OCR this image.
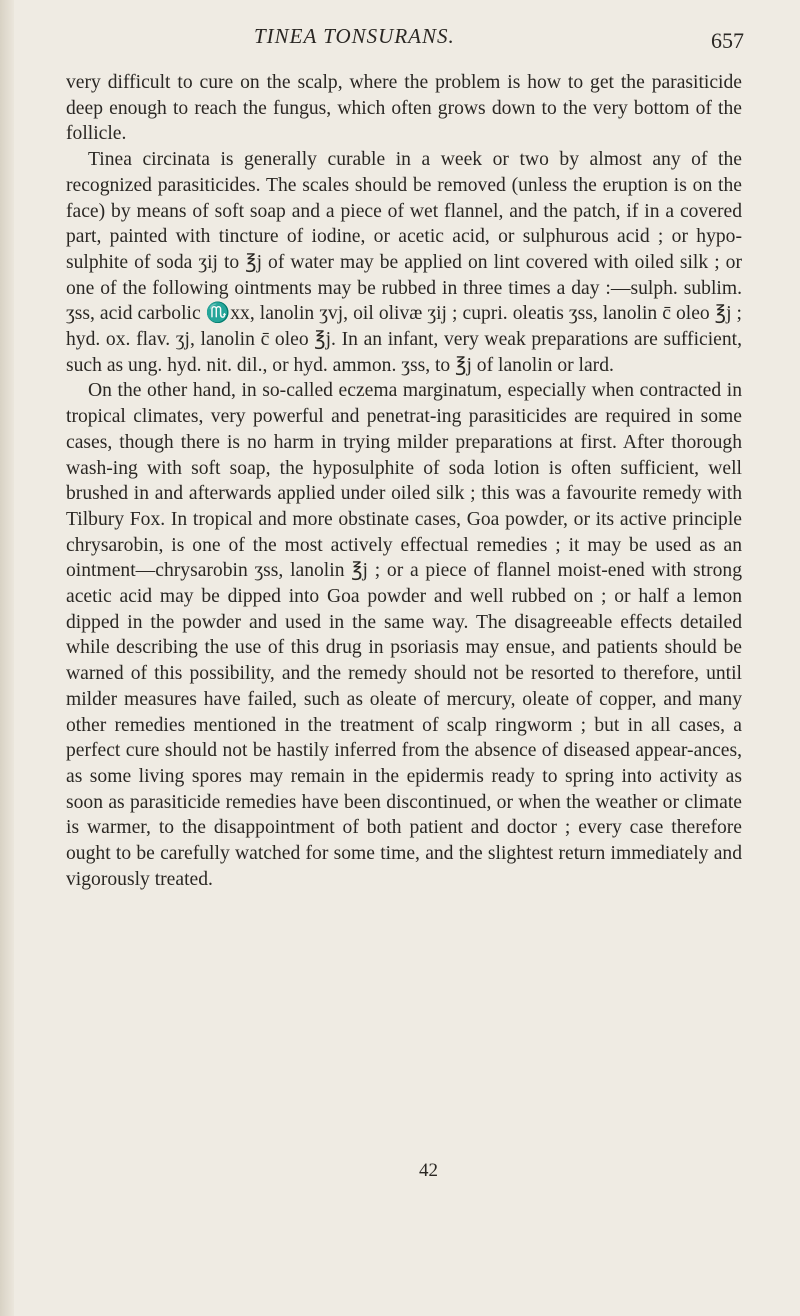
TINEA TONSURANS.	657

very difficult to cure on the scalp, where the problem is how to get the parasiticide deep enough to reach the fungus, which often grows down to the very bottom of the follicle.

Tinea circinata is generally curable in a week or two by almost any of the recognized parasiticides. The scales should be removed (unless the eruption is on the face) by means of soft soap and a piece of wet flannel, and the patch, if in a covered part, painted with tincture of iodine, or acetic acid, or sulphurous acid ; or hypo-sulphite of soda ʒij to ℥j of water may be applied on lint covered with oiled silk ; or one of the following ointments may be rubbed in three times a day :—sulph. sublim. ʒss, acid carbolic ♏xx, lanolin ʒvj, oil olivæ ʒij ; cupri. oleatis ʒss, lanolin c̄ oleo ℥j ; hyd. ox. flav. ʒj, lanolin c̄ oleo ℥j. In an infant, very weak preparations are sufficient, such as ung. hyd. nit. dil., or hyd. ammon. ʒss, to ℥j of lanolin or lard.

On the other hand, in so-called eczema marginatum, especially when contracted in tropical climates, very powerful and penetrat-ing parasiticides are required in some cases, though there is no harm in trying milder preparations at first. After thorough wash-ing with soft soap, the hyposulphite of soda lotion is often sufficient, well brushed in and afterwards applied under oiled silk ; this was a favourite remedy with Tilbury Fox. In tropical and more obstinate cases, Goa powder, or its active principle chrysarobin, is one of the most actively effectual remedies ; it may be used as an ointment—chrysarobin ʒss, lanolin ℥j ; or a piece of flannel moist-ened with strong acetic acid may be dipped into Goa powder and well rubbed on ; or half a lemon dipped in the powder and used in the same way. The disagreeable effects detailed while describing the use of this drug in psoriasis may ensue, and patients should be warned of this possibility, and the remedy should not be resorted to therefore, until milder measures have failed, such as oleate of mercury, oleate of copper, and many other remedies mentioned in the treatment of scalp ringworm ; but in all cases, a perfect cure should not be hastily inferred from the absence of diseased appear-ances, as some living spores may remain in the epidermis ready to spring into activity as soon as parasiticide remedies have been discontinued, or when the weather or climate is warmer, to the disappointment of both patient and doctor ; every case therefore ought to be carefully watched for some time, and the slightest return immediately and vigorously treated.

42
